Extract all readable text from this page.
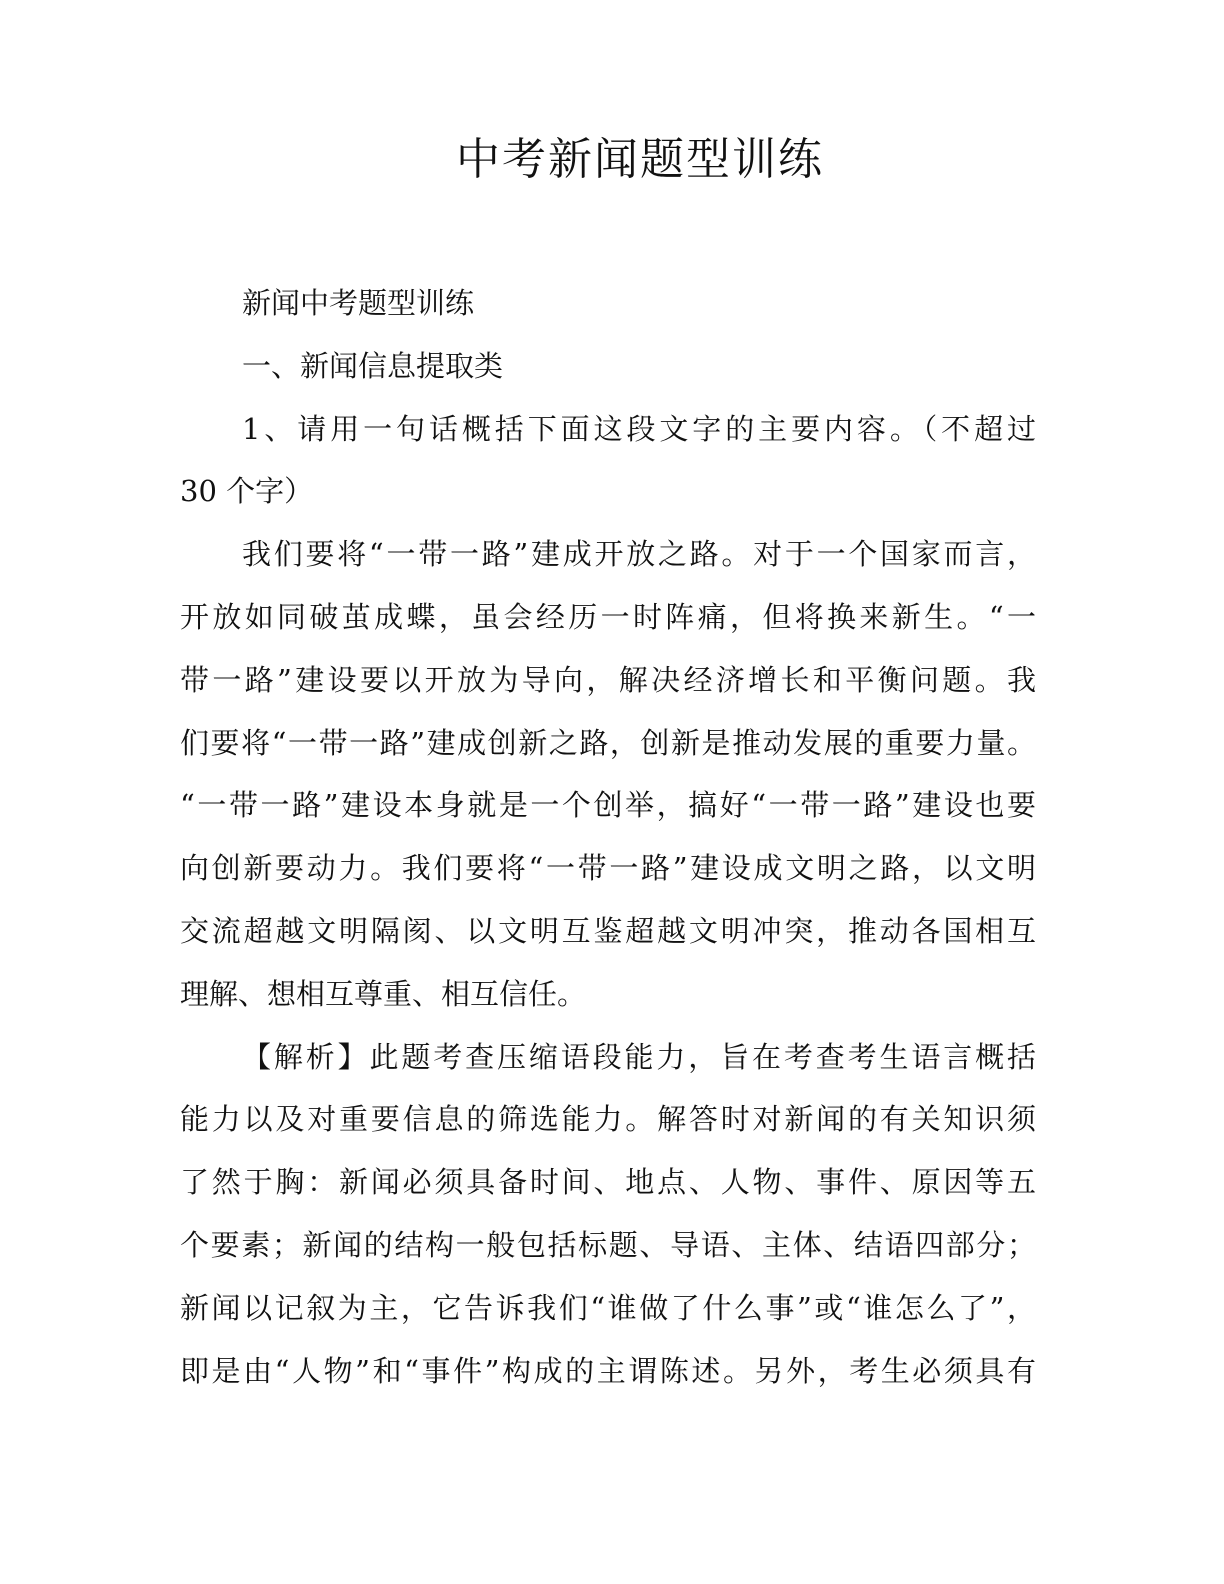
中考新闻题型训练
新闻中考题型训练
一、新闻信息提取类
1、请用一句话概括下面这段文字的主要内容。（不超过
30 个字）
我们要将“一带一路”建成开放之路。对于一个国家而言，
开放如同破茧成蝶，虽会经历一时阵痛，但将换来新生。“一
带一路”建设要以开放为导向，解决经济增长和平衡问题。我
们要将“一带一路”建成创新之路，创新是推动发展的重要力量。
“一带一路”建设本身就是一个创举，搞好“一带一路”建设也要
向创新要动力。我们要将“一带一路”建设成文明之路，以文明
交流超越文明隔阂、以文明互鉴超越文明冲突，推动各国相互
理解、想相互尊重、相互信任。
【解析】此题考查压缩语段能力，旨在考查考生语言概括
能力以及对重要信息的筛选能力。解答时对新闻的有关知识须
了然于胸：新闻必须具备时间、地点、人物、事件、原因等五
个要素；新闻的结构一般包括标题、导语、主体、结语四部分；
新闻以记叙为主，它告诉我们“谁做了什么事”或“谁怎么了”，
即是由“人物”和“事件”构成的主谓陈述。另外，考生必须具有
